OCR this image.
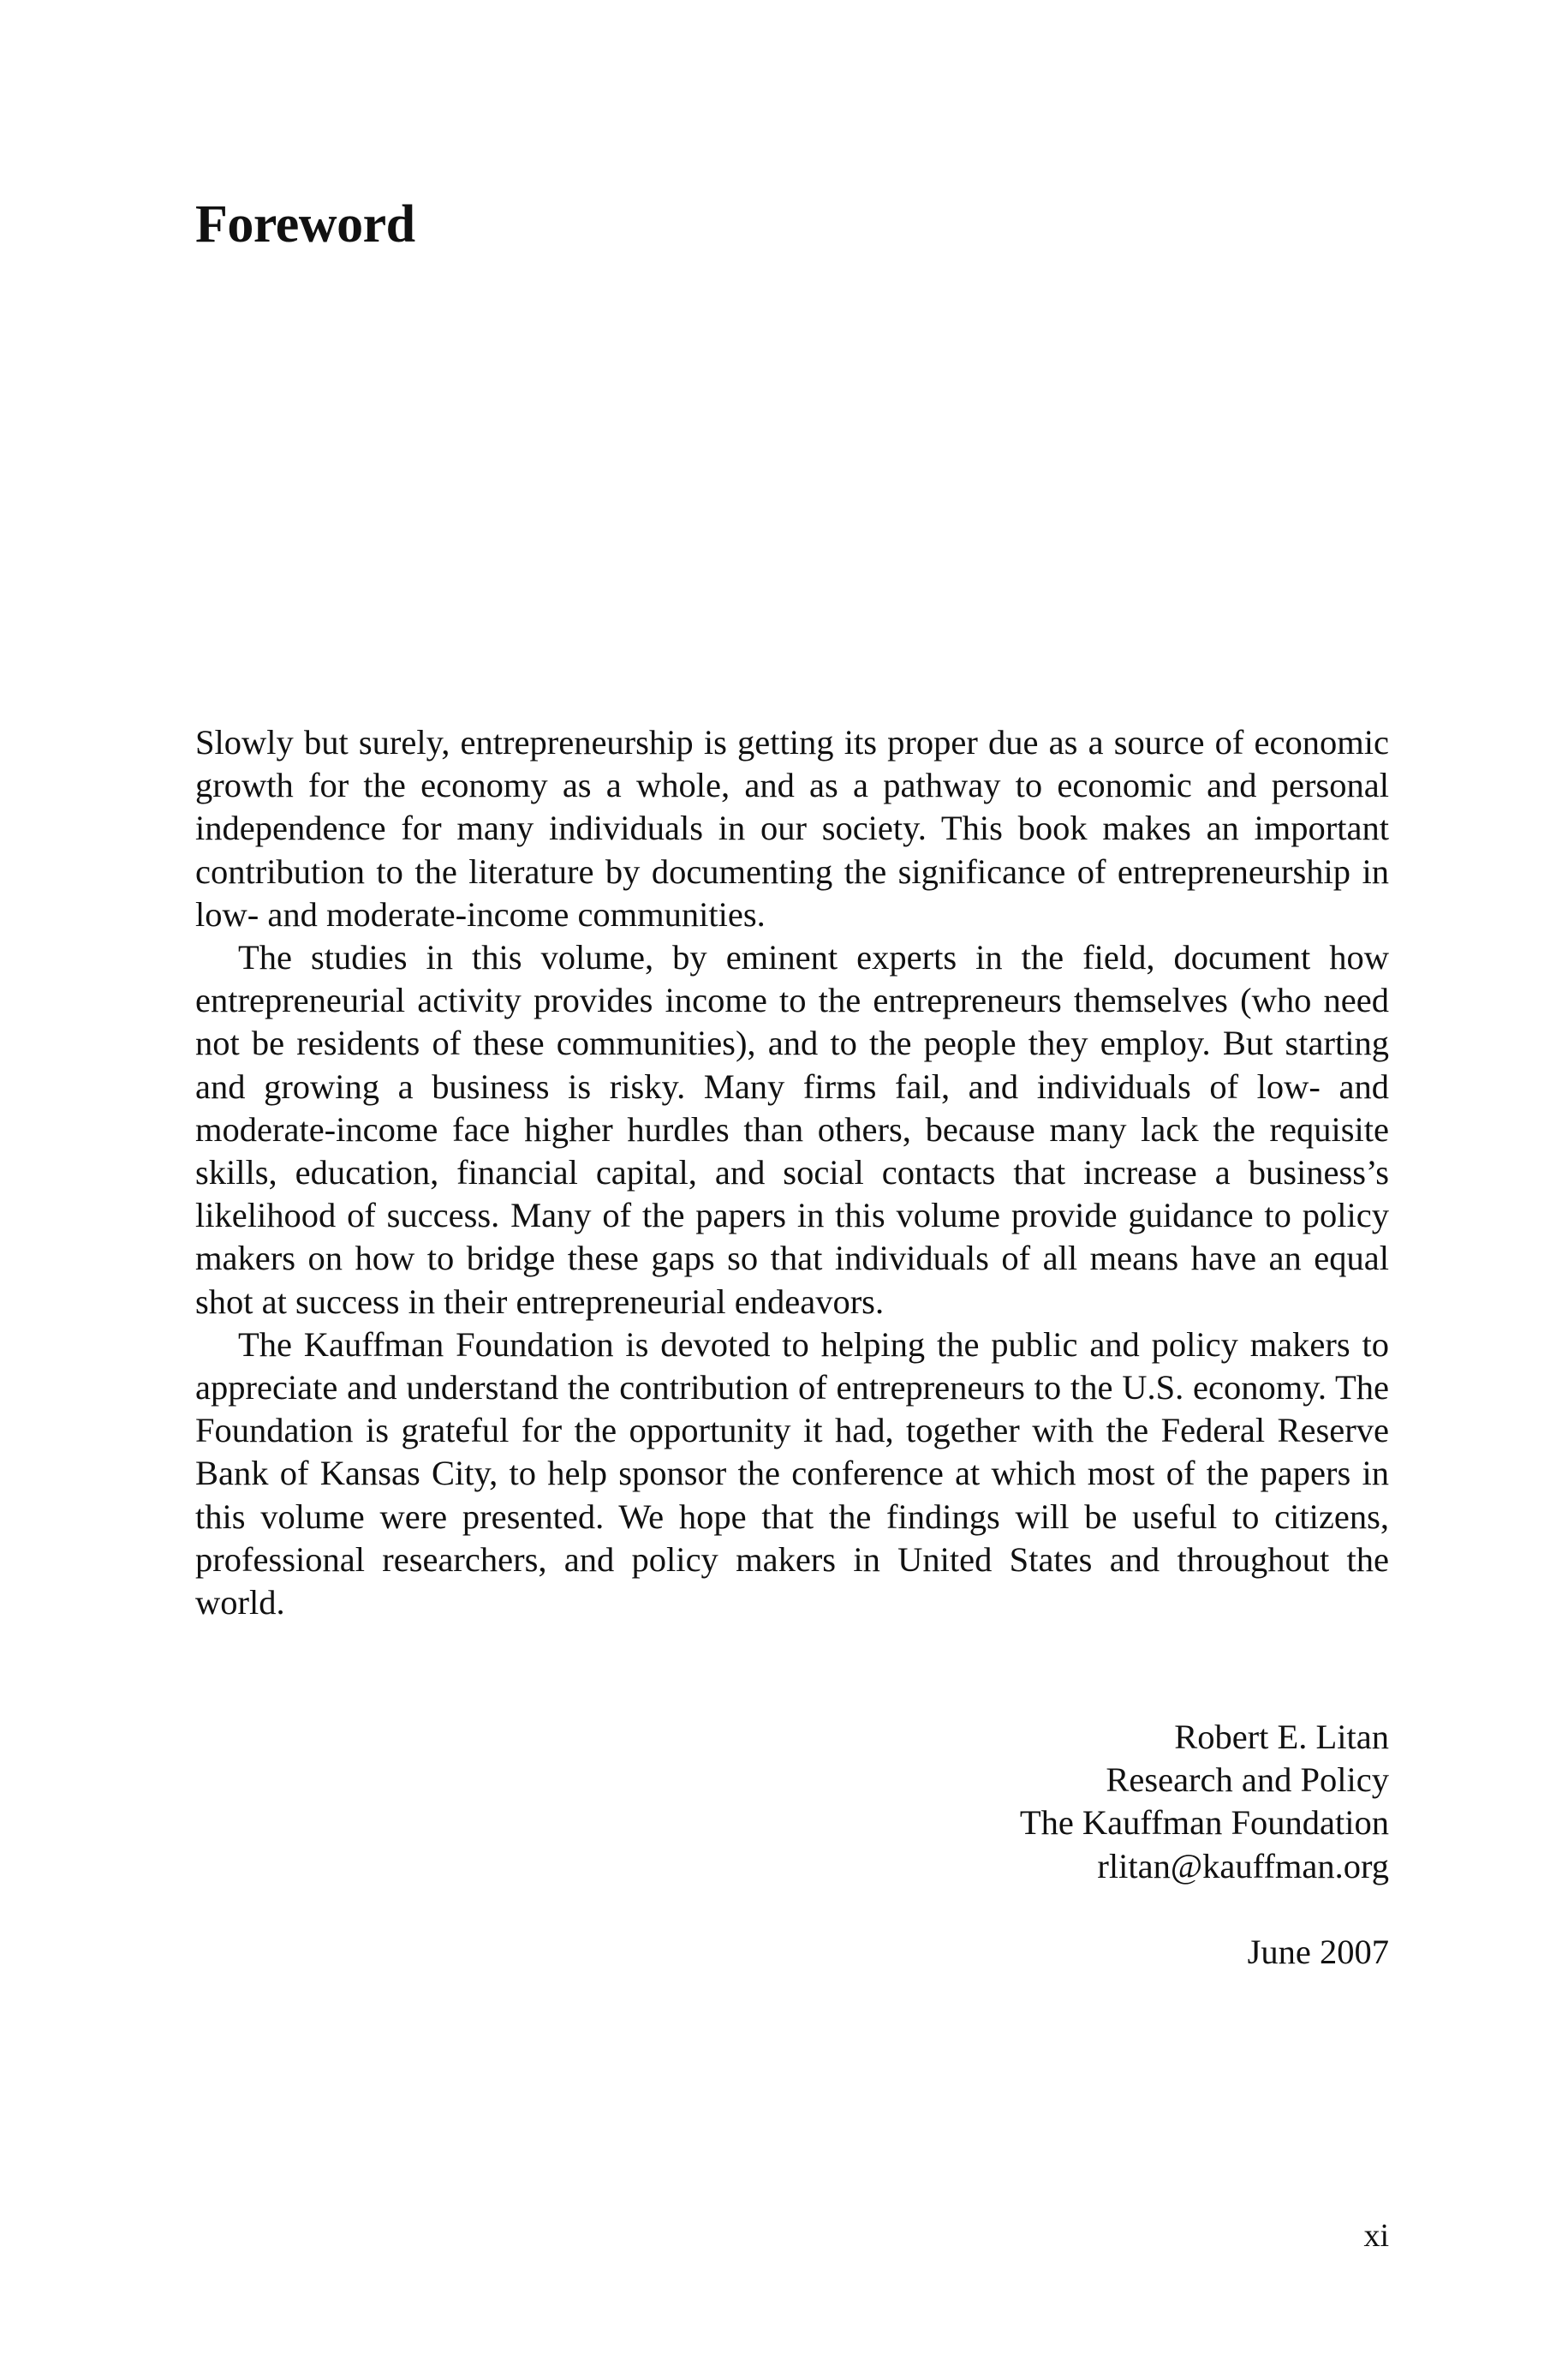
Foreword

Slowly but surely, entrepreneurship is getting its proper due as a source of economic growth for the economy as a whole, and as a pathway to economic and personal independence for many individuals in our society. This book makes an important contribution to the literature by documenting the significance of entrepreneurship in low- and moderate-income communities.

The studies in this volume, by eminent experts in the field, document how entrepreneurial activity provides income to the entrepreneurs themselves (who need not be residents of these communities), and to the people they employ. But starting and growing a business is risky. Many firms fail, and individuals of low- and moderate-income face higher hurdles than others, because many lack the requisite skills, education, financial capital, and social contacts that increase a business’s likelihood of success. Many of the papers in this volume provide guidance to policy makers on how to bridge these gaps so that individuals of all means have an equal shot at success in their entrepreneurial endeavors.

The Kauffman Foundation is devoted to helping the public and policy makers to appreciate and understand the contribution of entrepreneurs to the U.S. economy. The Foundation is grateful for the opportunity it had, together with the Federal Reserve Bank of Kansas City, to help sponsor the conference at which most of the papers in this volume were presented. We hope that the findings will be useful to citizens, professional researchers, and policy makers in United States and throughout the world.

Robert E. Litan
Research and Policy
The Kauffman Foundation
rlitan@kauffman.org
June 2007
xi
